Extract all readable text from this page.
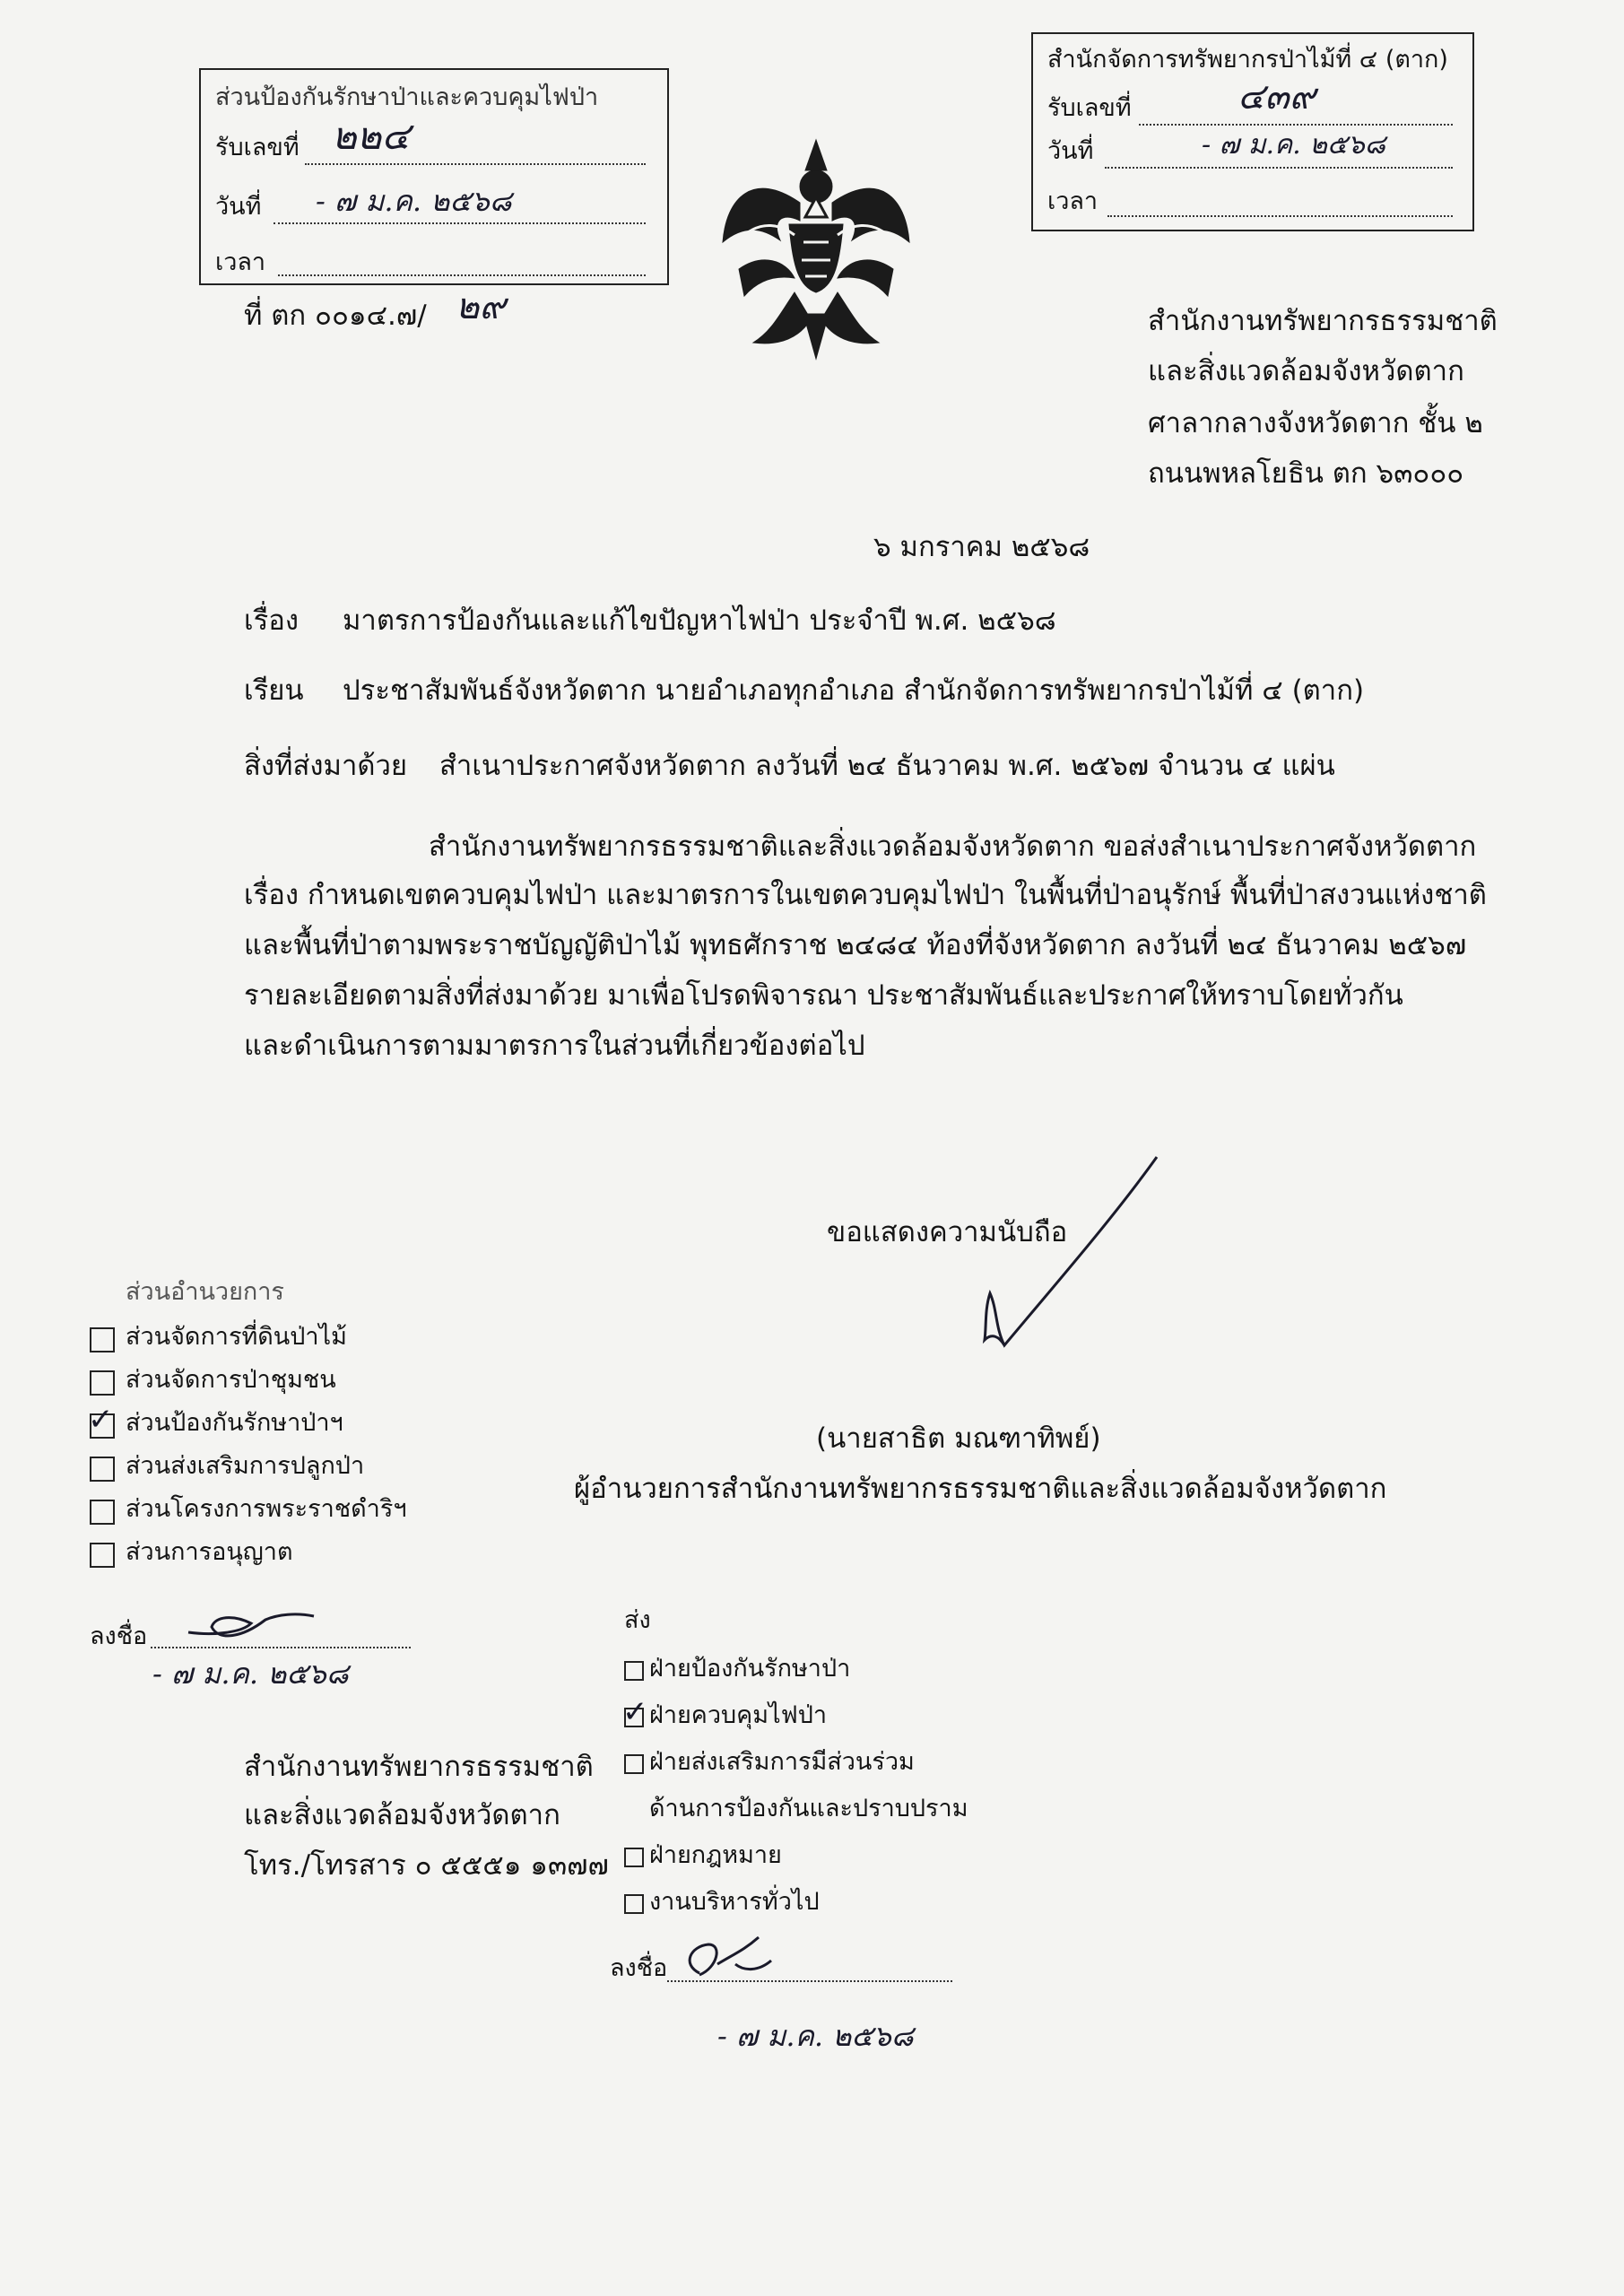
ส่วนป้องกันรักษาป่าและควบคุมไฟป่า
รับเลขที่ ๒๒๔
วันที่ - ๗ ม.ค. ๒๕๖๘
เวลา
สำนักจัดการทรัพยากรป่าไม้ที่ ๔ (ตาก)
รับเลขที่	๔๓๙
วันที่	- ๗ ม.ค. ๒๕๖๘
เวลา
ที่ ตก ๐๐๑๔.๗/ ๒๙	สำนักงานทรัพยากรธรรมชาติ
และสิ่งแวดล้อมจังหวัดตาก
ศาลากลางจังหวัดตาก ชั้น ๒
ถนนพหลโยธิน ตก ๖๓๐๐๐
๖ มกราคม ๒๕๖๘
เรื่อง มาตรการป้องกันและแก้ไขปัญหาไฟป่า ประจำปี พ.ศ. ๒๕๖๘
เรียน ประชาสัมพันธ์จังหวัดตาก นายอำเภอทุกอำเภอ สำนักจัดการทรัพยากรป่าไม้ที่ ๔ (ตาก)
สิ่งที่ส่งมาด้วย สำเนาประกาศจังหวัดตาก ลงวันที่ ๒๔ ธันวาคม พ.ศ. ๒๕๖๗ จำนวน ๔ แผ่น
สำนักงานทรัพยากรธรรมชาติและสิ่งแวดล้อมจังหวัดตาก ขอส่งสำเนาประกาศจังหวัดตาก
เรื่อง กำหนดเขตควบคุมไฟป่า และมาตรการในเขตควบคุมไฟป่า ในพื้นที่ป่าอนุรักษ์ พื้นที่ป่าสงวนแห่งชาติ
และพื้นที่ป่าตามพระราชบัญญัติป่าไม้ พุทธศักราช ๒๔๘๔ ท้องที่จังหวัดตาก ลงวันที่ ๒๔ ธันวาคม ๒๕๖๗
รายละเอียดตามสิ่งที่ส่งมาด้วย มาเพื่อโปรดพิจารณา ประชาสัมพันธ์และประกาศให้ทราบโดยทั่วกัน
และดำเนินการตามมาตรการในส่วนที่เกี่ยวข้องต่อไป
ขอแสดงความนับถือ
(นายสาธิต มณฑาทิพย์)
ผู้อำนวยการสำนักงานทรัพยากรธรรมชาติและสิ่งแวดล้อมจังหวัดตาก
ส่วนอำนวยการ
ส่วนจัดการที่ดินป่าไม้
ส่วนจัดการป่าชุมชน
✓ ส่วนป้องกันรักษาป่าฯ
ส่วนส่งเสริมการปลูกป่า
ส่วนโครงการพระราชดำริฯ
ส่วนการอนุญาต
ลงชื่อ
- ๗ ม.ค. ๒๕๖๘
สำนักงานทรัพยากรธรรมชาติ
และสิ่งแวดล้อมจังหวัดตาก
โทร./โทรสาร ๐ ๕๕๕๑ ๑๓๗๗
ส่ง
ฝ่ายป้องกันรักษาป่า
✓ ฝ่ายควบคุมไฟป่า
ฝ่ายส่งเสริมการมีส่วนร่วม
ด้านการป้องกันและปราบปราม
ฝ่ายกฎหมาย
งานบริหารทั่วไป
ลงชื่อ
- ๗ ม.ค. ๒๕๖๘
